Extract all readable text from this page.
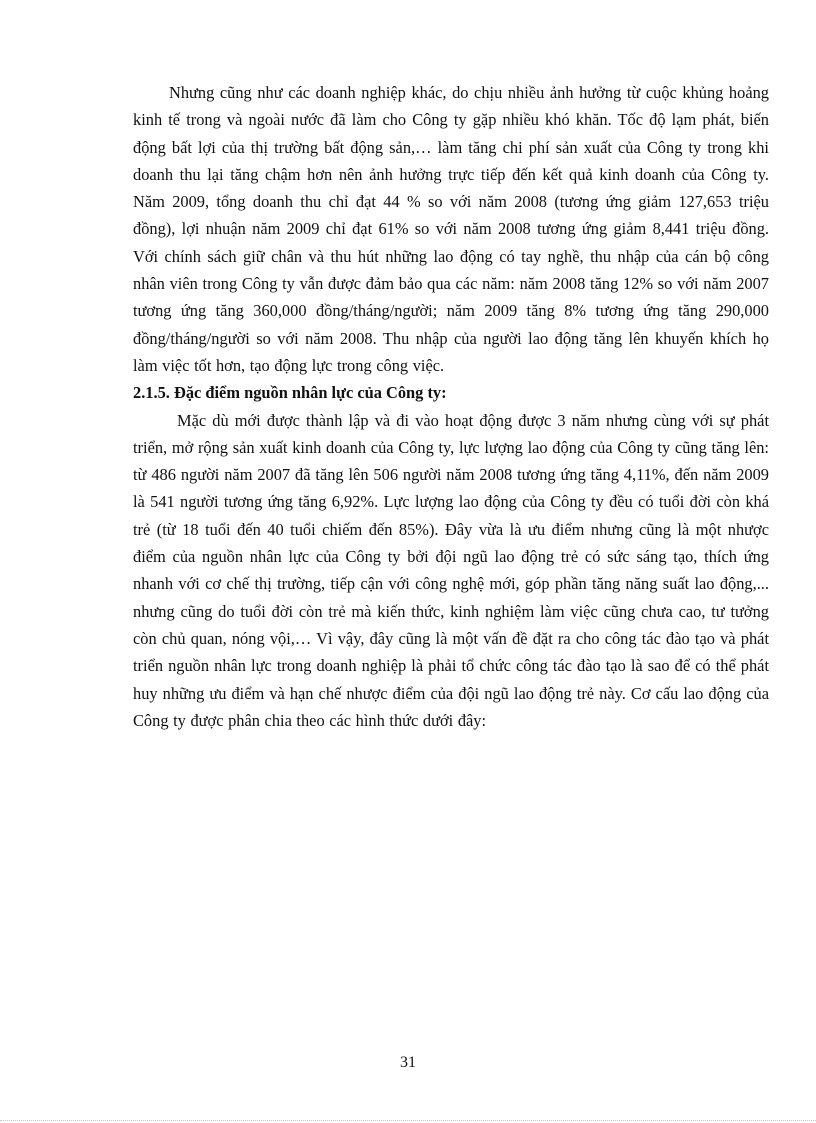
Nhưng cũng như các doanh nghiệp khác, do chịu nhiều ảnh hưởng từ cuộc khủng hoảng kinh tế trong và ngoài nước đã làm cho Công ty gặp nhiều khó khăn. Tốc độ lạm phát, biến động bất lợi của thị trường bất động sản,… làm tăng chi phí sản xuất của Công ty trong khi doanh thu lại tăng chậm hơn nên ảnh hưởng trực tiếp đến kết quả kinh doanh của Công ty. Năm 2009, tổng doanh thu chỉ đạt 44 % so với năm 2008 (tương ứng giảm 127,653 triệu đồng), lợi nhuận năm 2009 chỉ đạt 61% so với năm 2008 tương ứng giảm 8,441 triệu đồng. Với chính sách giữ chân và thu hút những lao động có tay nghề, thu nhập của cán bộ công nhân viên trong Công ty vẫn được đảm bảo qua các năm: năm 2008 tăng 12% so với năm 2007 tương ứng tăng 360,000 đồng/tháng/người; năm 2009 tăng 8% tương ứng tăng 290,000 đồng/tháng/người so với năm 2008. Thu nhập của người lao động tăng lên khuyến khích họ làm việc tốt hơn, tạo động lực trong công việc.

2.1.5. Đặc điểm nguồn nhân lực của Công ty:

Mặc dù mới được thành lập và đi vào hoạt động được 3 năm nhưng cùng với sự phát triển, mở rộng sản xuất kinh doanh của Công ty, lực lượng lao động của Công ty cũng tăng lên: từ 486 người năm 2007 đã tăng lên 506 người năm 2008 tương ứng tăng 4,11%, đến năm 2009 là 541 người tương ứng tăng 6,92%. Lực lượng lao động của Công ty đều có tuổi đời còn khá trẻ (từ 18 tuổi đến 40 tuổi chiếm đến 85%). Đây vừa là ưu điểm nhưng cũng là một nhược điểm của nguồn nhân lực của Công ty bởi đội ngũ lao động trẻ có sức sáng tạo, thích ứng nhanh với cơ chế thị trường, tiếp cận với công nghệ mới, góp phần tăng năng suất lao động,... nhưng cũng do tuổi đời còn trẻ mà kiến thức, kinh nghiệm làm việc cũng chưa cao, tư tưởng còn chủ quan, nóng vội,… Vì vậy, đây cũng là một vấn đề đặt ra cho công tác đào tạo và phát triển nguồn nhân lực trong doanh nghiệp là phải tổ chức công tác đào tạo là sao để có thể phát huy những ưu điểm và hạn chế nhược điểm của đội ngũ lao động trẻ này. Cơ cấu lao động của Công ty được phân chia theo các hình thức dưới đây:

31
